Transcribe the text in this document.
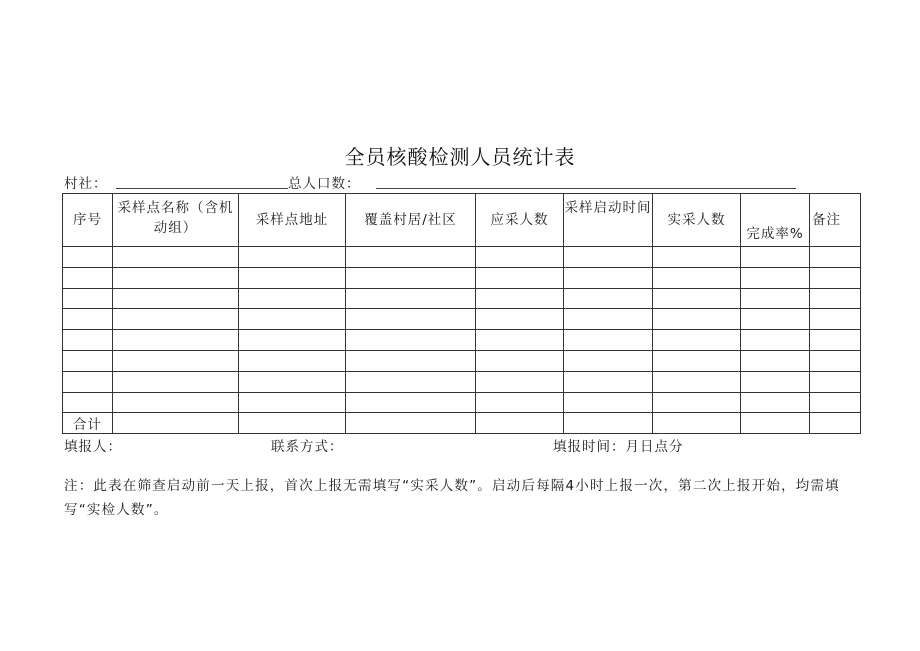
全员核酸检测人员统计表
村社：	总人口数：
序号	采样点名称（含机动组）	采样点地址	覆盖村居/社区	应采人数	采样启动时间	实采人数	完成率%	备注

合计								
填报人：	联系方式：	填报时间：月日点分
注：此表在筛查启动前一天上报，首次上报无需填写“实采人数”。启动后每隔4小时上报一次，第二次上报开始，均需填写“实检人数”。
